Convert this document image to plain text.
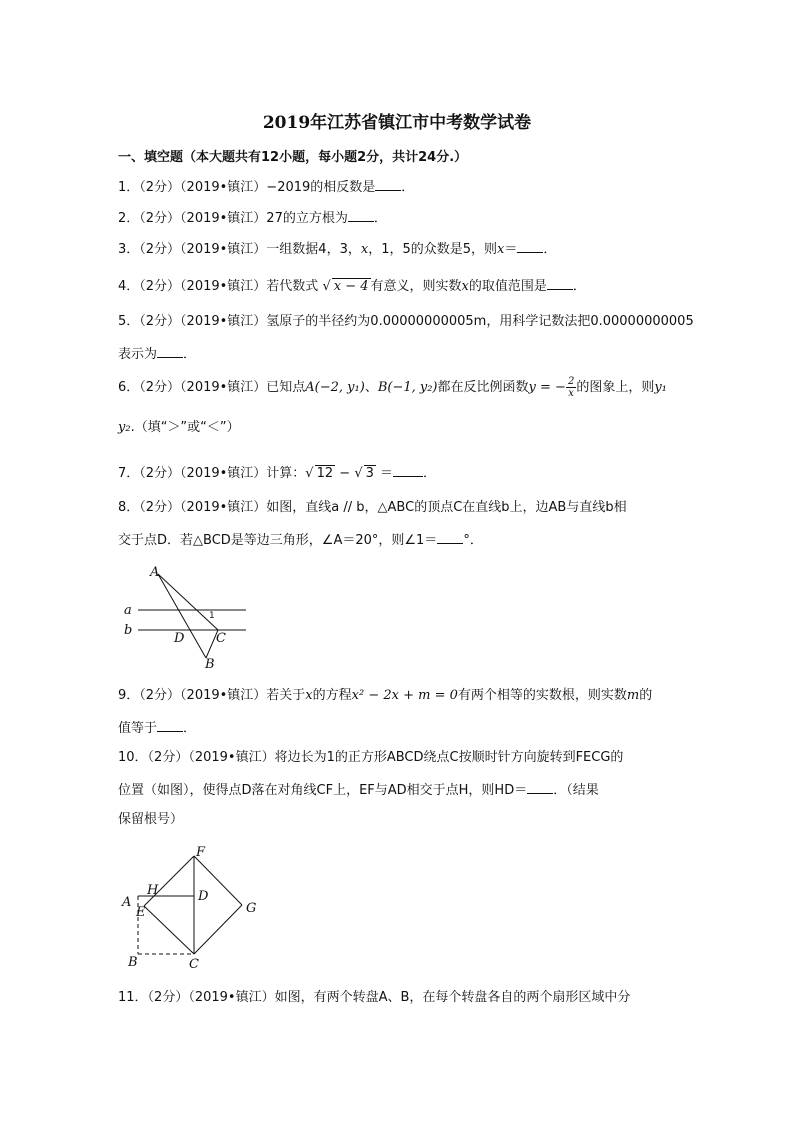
2019年江苏省镇江市中考数学试卷
一、填空题（本大题共有12小题，每小题2分，共计24分.）
1．（2分）（2019•镇江）−2019的相反数是 ．
2．（2分）（2019•镇江）27的立方根为 ．
3．（2分）（2019•镇江）一组数据4，3，x，1，5的众数是5，则x＝ ．
4．（2分）（2019•镇江）若代数式 √ x − 4 有意义，则实数x的取值范围是 ．
5．（2分）（2019•镇江）氢原子的半径约为0.00000000005m，用科学记数法把0.00000000005
表示为 ．
6．（2分）（2019•镇江）已知点A(−2, y₁)、B(−1, y₂)都在反比例函数y = − $\frac{2}{x}$ 的图象上，则y₁
y₂.（填“＞”或“＜”）
7．（2分）（2019•镇江）计算：√ 12 − √ 3 ＝ ．
8．（2分）（2019•镇江）如图，直线a // b，△ABC的顶点C在直线b上，边AB与直线b相
交于点D．若△BCD是等边三角形，∠A＝20°，则∠1＝ °．
A
a
b
1
D C
B
9．（2分）（2019•镇江）若关于x的方程x² − 2x + m = 0有两个相等的实数根，则实数m的
值等于 ．
10．（2分）（2019•镇江）将边长为1的正方形ABCD绕点C按顺时针方向旋转到FECG的
位置（如图），使得点D落在对角线CF上，EF与AD相交于点H，则HD＝ ．（结果
保留根号）
F
A
H	D
E	G
B	C
11．（2分）（2019•镇江）如图，有两个转盘A、B，在每个转盘各自的两个扇形区域中分
